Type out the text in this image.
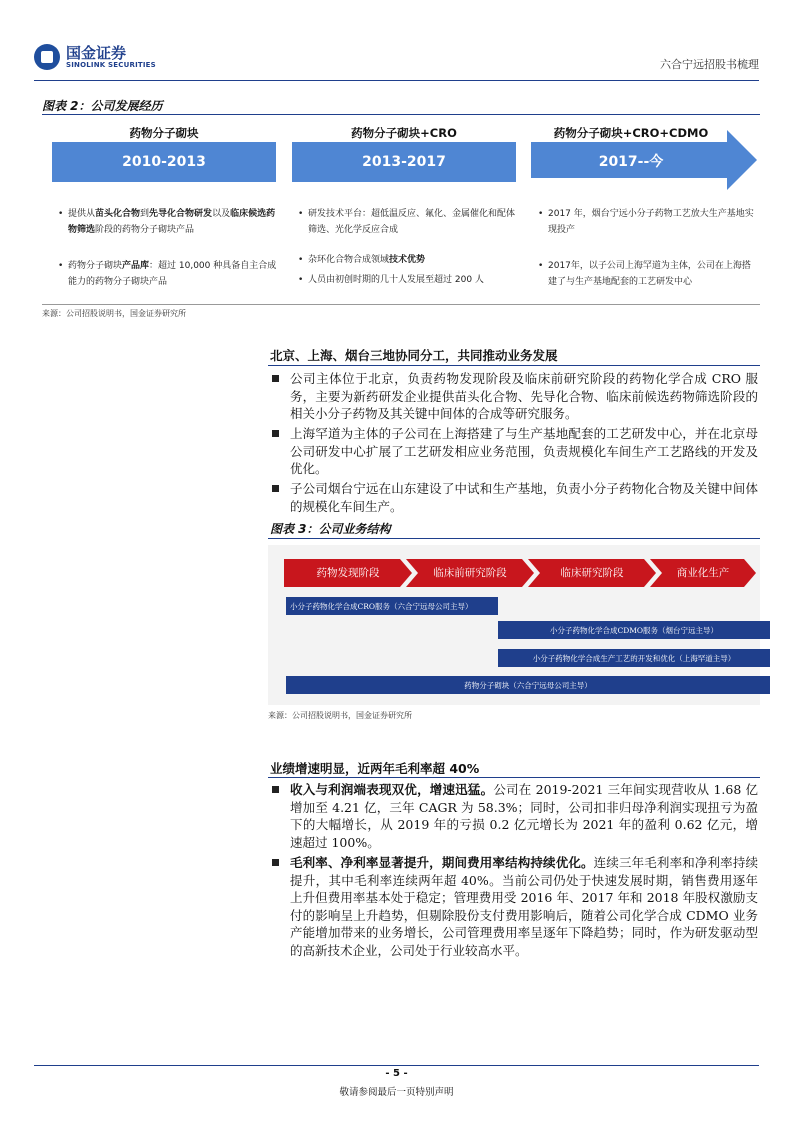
国金证券
SINOLINK SECURITIES	六合宁远招股书梳理
图表 2：公司发展经历
药物分子砌块	药物分子砌块+CRO	药物分子砌块+CRO+CDMO
2010-2013	2013-2017	2017--今
• 提供从苗头化合物到先导化合物研发以及临床候选药物筛选阶段的药物分子砌块产品
• 药物分子砌块产品库：超过 10,000 种具备自主合成能力的药物分子砌块产品
• 研发技术平台：超低温反应、氟化、金属催化和配体筛选、光化学反应合成
• 杂环化合物合成领域技术优势
• 人员由初创时期的几十人发展至超过 200 人
• 2017 年，烟台宁远小分子药物工艺放大生产基地实现投产
• 2017年，以子公司上海罕道为主体，公司在上海搭建了与生产基地配套的工艺研发中心
来源：公司招股说明书，国金证券研究所
北京、上海、烟台三地协同分工，共同推动业务发展
公司主体位于北京，负责药物发现阶段及临床前研究阶段的药物化学合成 CRO 服务，主要为新药研发企业提供苗头化合物、先导化合物、临床前候选药物筛选阶段的相关小分子药物及其关键中间体的合成等研究服务。
上海罕道为主体的子公司在上海搭建了与生产基地配套的工艺研发中心，并在北京母公司研发中心扩展了工艺研发相应业务范围，负责规模化车间生产工艺路线的开发及优化。
子公司烟台宁远在山东建设了中试和生产基地，负责小分子药物化合物及关键中间体的规模化车间生产。
图表 3：公司业务结构
药物发现阶段	临床前研究阶段	临床研究阶段	商业化生产
小分子药物化学合成CRO服务（六合宁远母公司主导）
小分子药物化学合成CDMO服务（烟台宁远主导）
小分子药物化学合成生产工艺的开发和优化（上海罕道主导）
药物分子砌块（六合宁远母公司主导）
来源：公司招股说明书，国金证券研究所
业绩增速明显，近两年毛利率超 40%
收入与利润端表现双优，增速迅猛。公司在 2019-2021 三年间实现营收从 1.68 亿增加至 4.21 亿，三年 CAGR 为 58.3%；同时，公司扣非归母净利润实现扭亏为盈下的大幅增长，从 2019 年的亏损 0.2 亿元增长为 2021 年的盈利 0.62 亿元，增速超过 100%。
毛利率、净利率显著提升，期间费用率结构持续优化。连续三年毛利率和净利率持续提升，其中毛利率连续两年超 40%。当前公司仍处于快速发展时期，销售费用逐年上升但费用率基本处于稳定；管理费用受 2016 年、2017 年和 2018 年股权激励支付的影响呈上升趋势，但剔除股份支付费用影响后，随着公司化学合成 CDMO 业务产能增加带来的业务增长，公司管理费用率呈逐年下降趋势；同时，作为研发驱动型的高新技术企业，公司处于行业较高水平。
- 5 -
敬请参阅最后一页特别声明
